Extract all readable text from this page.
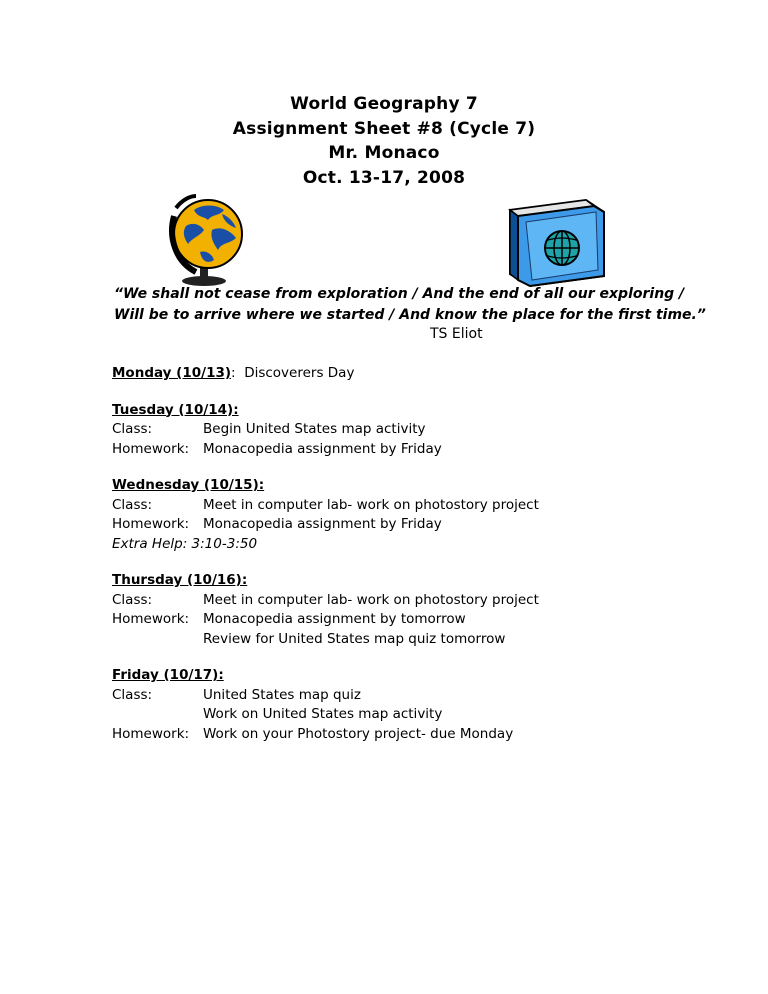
World Geography 7
Assignment Sheet #8 (Cycle 7)
Mr. Monaco
Oct. 13-17, 2008
“We shall not cease from exploration / And the end of all our exploring /
Will be to arrive where we started / And know the place for the first time.”
TS Eliot
Monday (10/13): Discoverers Day
Tuesday (10/14):
Class:	Begin United States map activity
Homework:	Monacopedia assignment by Friday
Wednesday (10/15):
Class:	Meet in computer lab- work on photostory project
Homework:	Monacopedia assignment by Friday
Extra Help: 3:10-3:50
Thursday (10/16):
Class:	Meet in computer lab- work on photostory project
Homework:	Monacopedia assignment by tomorrow
Review for United States map quiz tomorrow
Friday (10/17):
Class:	United States map quiz
Work on United States map activity
Homework:	Work on your Photostory project- due Monday
